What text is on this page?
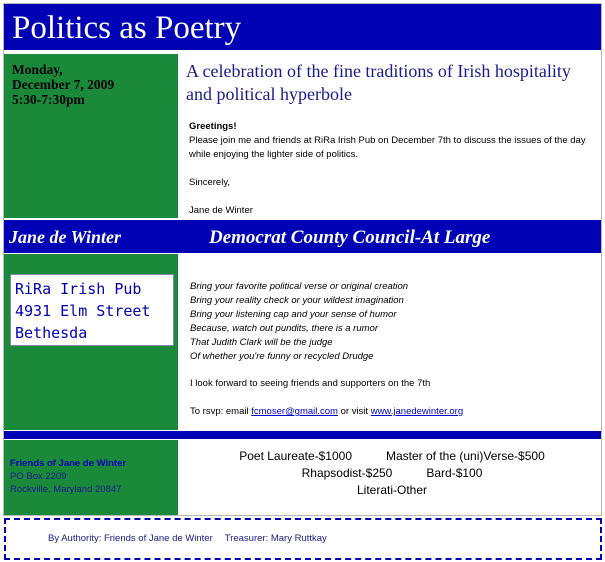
Politics as Poetry
Monday,
December 7, 2009
5:30-7:30pm
A celebration of the fine traditions of Irish hospitality and political hyperbole

Greetings!

Please join me and friends at RiRa Irish Pub on December 7th to discuss the issues of the day while enjoying the lighter side of politics.

Sincerely,

Jane de Winter

Jane de Winter	Democrat County Council-At Large
RiRa Irish Pub
4931 Elm Street
Bethesda
Bring your favorite political verse or original creation
Bring your reality check or your wildest imagination
Bring your listening cap and your sense of humor
Because, watch out pundits, there is a rumor
That Judith Clark will be the judge
Of whether you're funny or recycled Drudge
I look forward to seeing friends and supporters on the 7th
To rsvp: email fcmoser@gmail.com or visit www.janedewinter.org
Friends of Jane de Winter
PO Box 2209
Rockville, Maryland 20847
Poet Laureate-$1000	Master of the (uni)Verse-$500
Rhapsodist-$250	Bard-$100
Literati-Other
By Authority: Friends of Jane de Winter Treasurer: Mary Ruttkay
